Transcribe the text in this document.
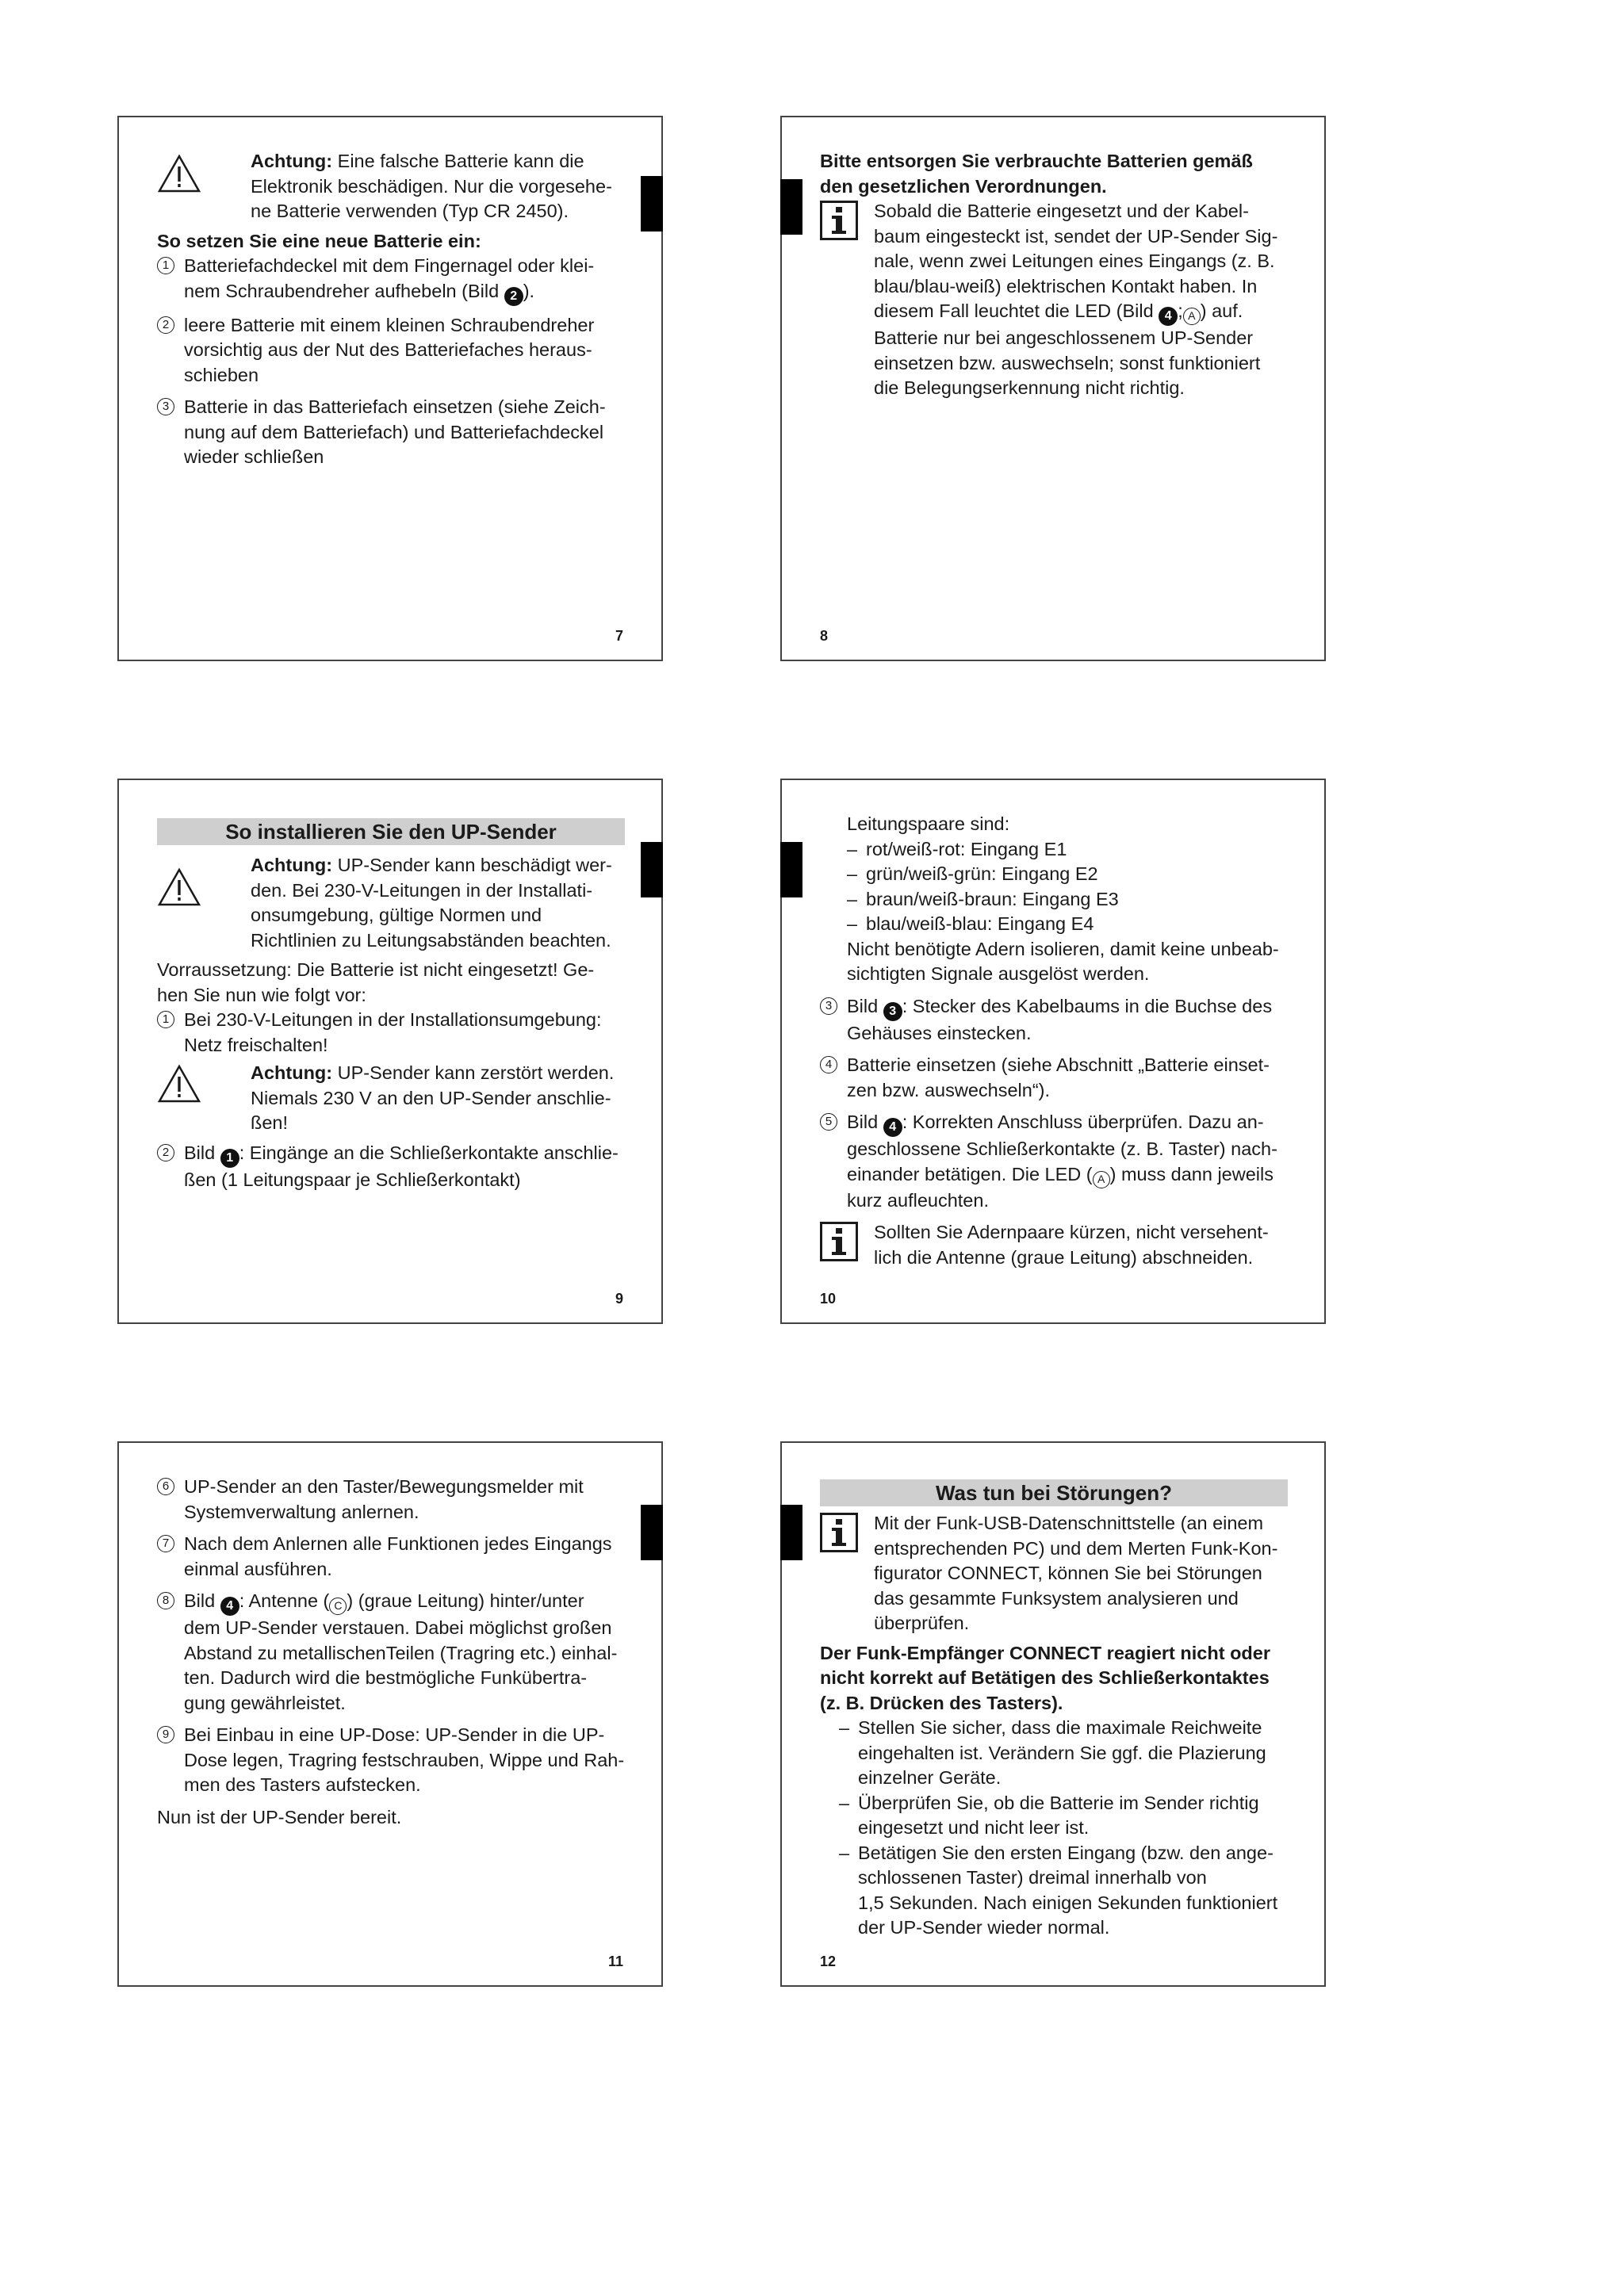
Achtung: Eine falsche Batterie kann die

Elektronik beschädigen. Nur die vorgesehe-

ne Batterie verwenden (Typ CR 2450).

So setzen Sie eine neue Batterie ein:

1 Batteriefachdeckel mit dem Fingernagel oder klei-

nem Schraubendreher aufhebeln (Bild 2 ).

2 leere Batterie mit einem kleinen Schraubendreher

vorsichtig aus der Nut des Batteriefaches heraus-

schieben

3 Batterie in das Batteriefach einsetzen (siehe Zeich-

nung auf dem Batteriefach) und Batteriefachdeckel

wieder schließen

7

Bitte entsorgen Sie verbrauchte Batterien gemäß

den gesetzlichen Verordnungen.

Sobald die Batterie eingesetzt und der Kabel-

baum eingesteckt ist, sendet der UP-Sender Sig-

nale, wenn zwei Leitungen eines Eingangs (z. B.

blau/blau-weiß) elektrischen Kontakt haben. In

diesem Fall leuchtet die LED (Bild 4 ; A ) auf.

Batterie nur bei angeschlossenem UP-Sender

einsetzen bzw. auswechseln; sonst funktioniert

die Belegungserkennung nicht richtig.

8
So installieren Sie den UP-Sender

Achtung: UP-Sender kann beschädigt wer-

den. Bei 230-V-Leitungen in der Installati-

onsumgebung, gültige Normen und

Richtlinien zu Leitungsabständen beachten.

Vorraussetzung: Die Batterie ist nicht eingesetzt! Ge-

hen Sie nun wie folgt vor:

1 Bei 230-V-Leitungen in der Installationsumgebung:

Netz freischalten!

Achtung: UP-Sender kann zerstört werden.

Niemals 230 V an den UP-Sender anschlie-

ßen!

2 Bild 1 : Eingänge an die Schließerkontakte anschlie-

ßen (1 Leitungspaar je Schließerkontakt)

9

Leitungspaare sind:

– rot/weiß-rot: Eingang E1
– grün/weiß-grün: Eingang E2
– braun/weiß-braun: Eingang E3
– blau/weiß-blau: Eingang E4

Nicht benötigte Adern isolieren, damit keine unbeab-

sichtigten Signale ausgelöst werden.

3 Bild 3 : Stecker des Kabelbaums in die Buchse des

Gehäuses einstecken.

4 Batterie einsetzen (siehe Abschnitt „Batterie einset-

zen bzw. auswechseln“).

5 Bild 4 : Korrekten Anschluss überprüfen. Dazu an-

geschlossene Schließerkontakte (z. B. Taster) nach-

einander betätigen. Die LED ( A ) muss dann jeweils

kurz aufleuchten.

Sollten Sie Adernpaare kürzen, nicht versehent-

lich die Antenne (graue Leitung) abschneiden.

10
6 UP-Sender an den Taster/Bewegungsmelder mit

Systemverwaltung anlernen.

7 Nach dem Anlernen alle Funktionen jedes Eingangs

einmal ausführen.

8 Bild 4 : Antenne ( C ) (graue Leitung) hinter/unter

dem UP-Sender verstauen. Dabei möglichst großen

Abstand zu metallischenTeilen (Tragring etc.) einhal-

ten. Dadurch wird die bestmögliche Funkübertra-

gung gewährleistet.

9 Bei Einbau in eine UP-Dose: UP-Sender in die UP-

Dose legen, Tragring festschrauben, Wippe und Rah-

men des Tasters aufstecken.

Nun ist der UP-Sender bereit.

11
Was tun bei Störungen?

Mit der Funk-USB-Datenschnittstelle (an einem

entsprechenden PC) und dem Merten Funk-Kon-

figurator CONNECT, können Sie bei Störungen

das gesammte Funksystem analysieren und

überprüfen.

Der Funk-Empfänger CONNECT reagiert nicht oder

nicht korrekt auf Betätigen des Schließerkontaktes

(z. B. Drücken des Tasters).

– Stellen Sie sicher, dass die maximale Reichweite

eingehalten ist. Verändern Sie ggf. die Plazierung

einzelner Geräte.

– Überprüfen Sie, ob die Batterie im Sender richtig

eingesetzt und nicht leer ist.

– Betätigen Sie den ersten Eingang (bzw. den ange-

schlossenen Taster) dreimal innerhalb von

1,5 Sekunden. Nach einigen Sekunden funktioniert

der UP-Sender wieder normal.

12
